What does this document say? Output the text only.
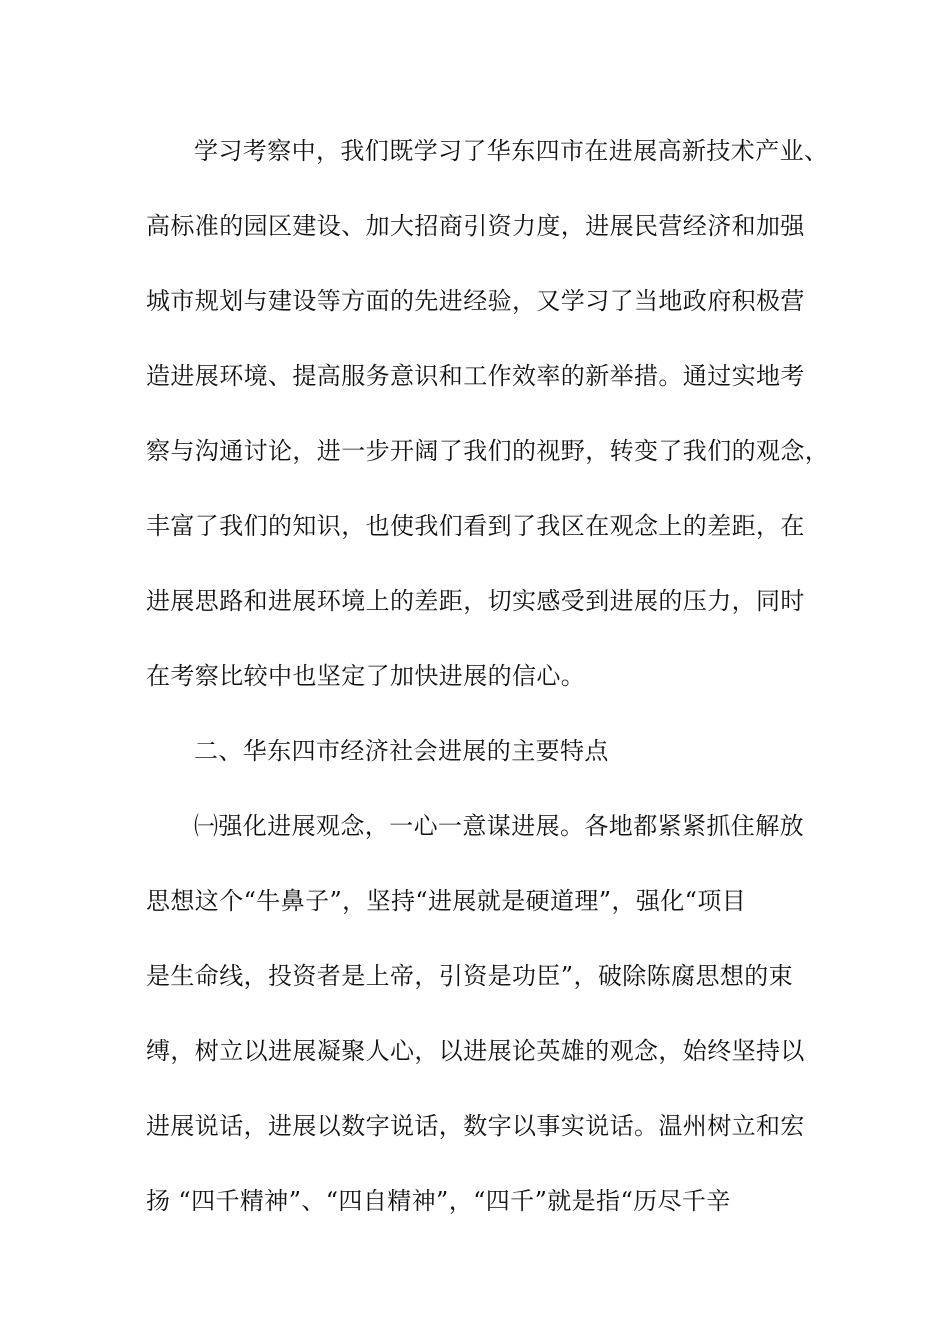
学习考察中，我们既学习了华东四市在进展高新技术产业、
高标准的园区建设、加大招商引资力度，进展民营经济和加强
城市规划与建设等方面的先进经验，又学习了当地政府积极营
造进展环境、提高服务意识和工作效率的新举措。通过实地考
察与沟通讨论，进一步开阔了我们的视野，转变了我们的观念，
丰富了我们的知识，也使我们看到了我区在观念上的差距，在
进展思路和进展环境上的差距，切实感受到进展的压力，同时
在考察比较中也坚定了加快进展的信心。
二、华东四市经济社会进展的主要特点
㈠强化进展观念，一心一意谋进展。各地都紧紧抓住解放
思想这个“牛鼻子”，坚持“进展就是硬道理”，强化“项目
是生命线，投资者是上帝，引资是功臣”，破除陈腐思想的束
缚，树立以进展凝聚人心，以进展论英雄的观念，始终坚持以
进展说话，进展以数字说话，数字以事实说话。温州树立和宏
扬 “四千精神”、“四自精神”，“四千”就是指“历尽千辛
